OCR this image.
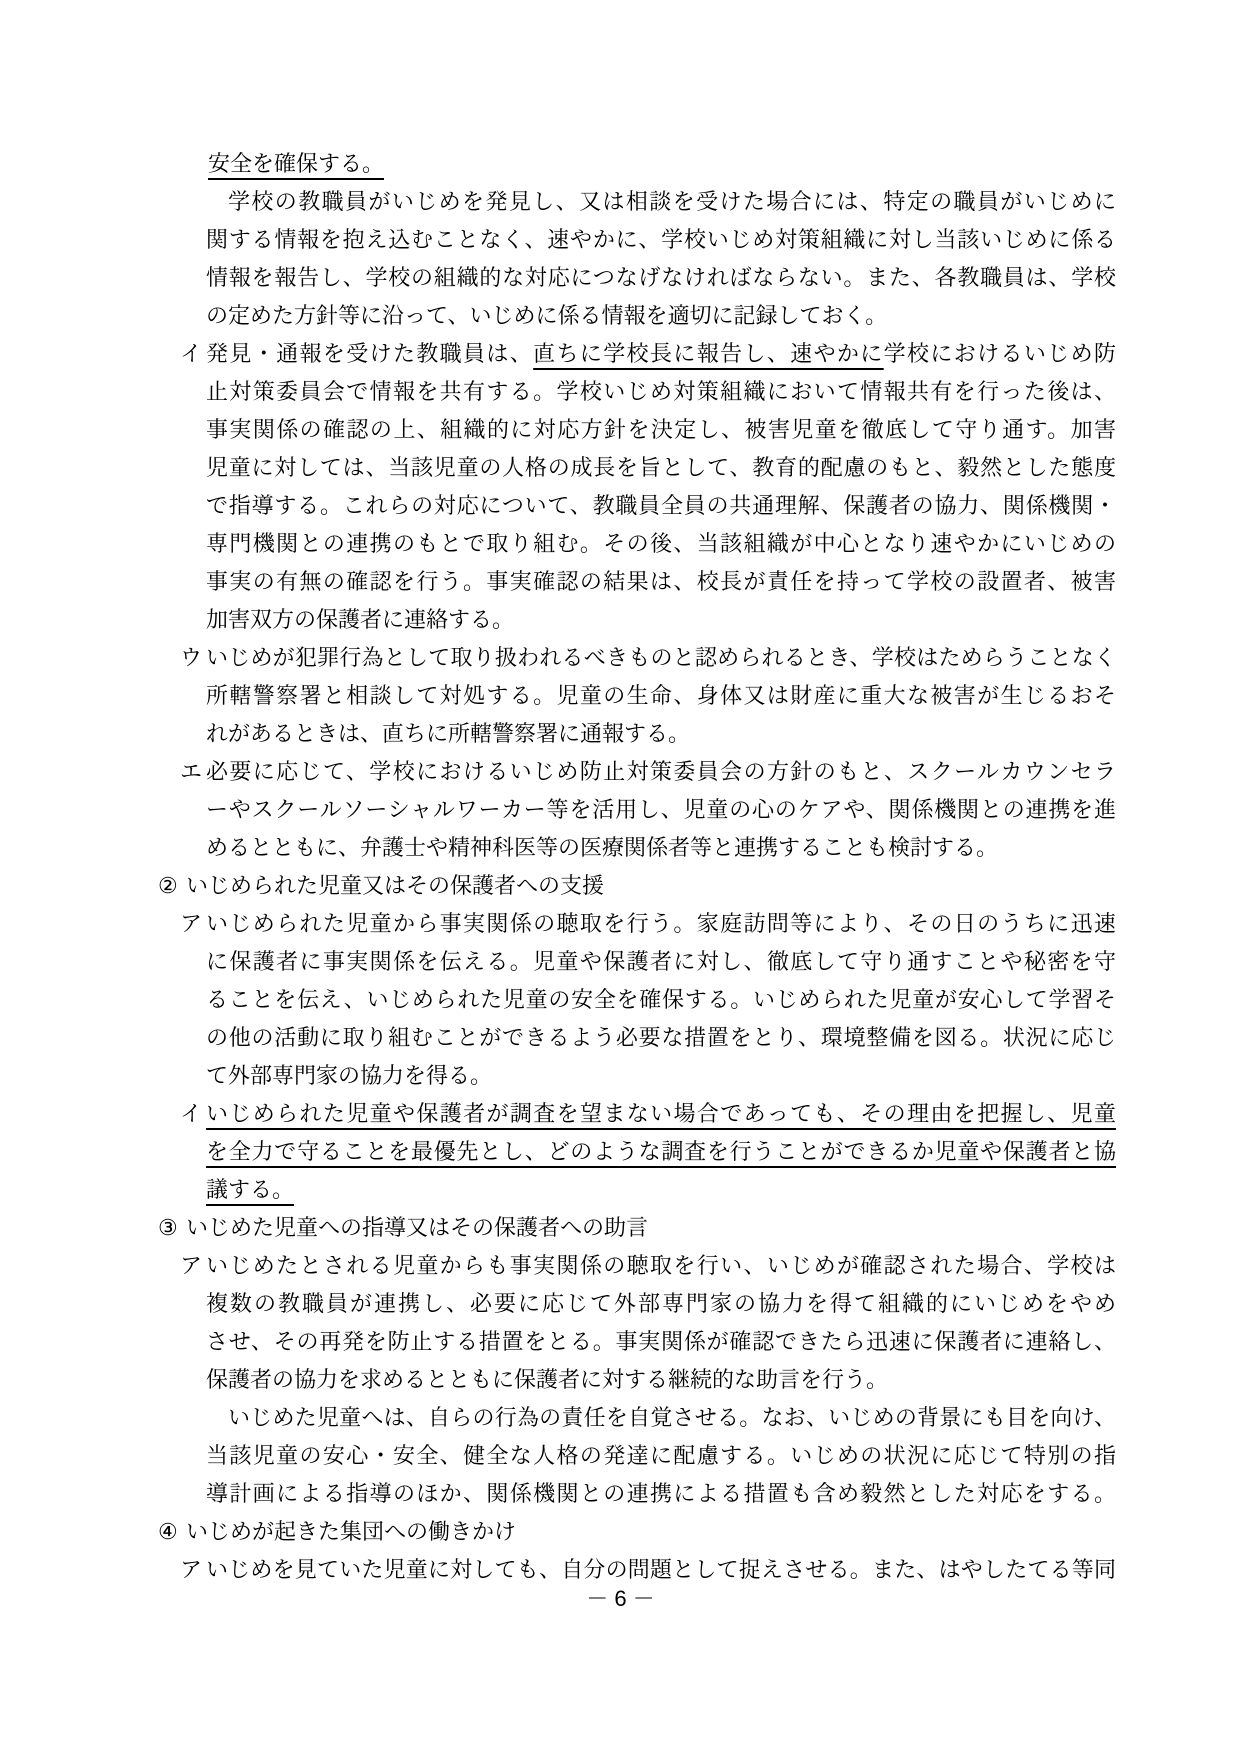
安全を確保する。
学校の教職員がいじめを発見し、又は相談を受けた場合には、特定の職員がいじめに
関する情報を抱え込むことなく、速やかに、学校いじめ対策組織に対し当該いじめに係る
情報を報告し、学校の組織的な対応につなげなければならない。また、各教職員は、学校
の定めた方針等に沿って、いじめに係る情報を適切に記録しておく。
イ 発見・通報を受けた教職員は、直ちに学校長に報告し、速やかに学校におけるいじめ防
止対策委員会で情報を共有する。学校いじめ対策組織において情報共有を行った後は、
事実関係の確認の上、組織的に対応方針を決定し、被害児童を徹底して守り通す。加害
児童に対しては、当該児童の人格の成長を旨として、教育的配慮のもと、毅然とした態度
で指導する。これらの対応について、教職員全員の共通理解、保護者の協力、関係機関・
専門機関との連携のもとで取り組む。その後、当該組織が中心となり速やかにいじめの
事実の有無の確認を行う。事実確認の結果は、校長が責任を持って学校の設置者、被害
加害双方の保護者に連絡する。
ウ いじめが犯罪行為として取り扱われるべきものと認められるとき、学校はためらうことなく
所轄警察署と相談して対処する。児童の生命、身体又は財産に重大な被害が生じるおそ
れがあるときは、直ちに所轄警察署に通報する。
エ 必要に応じて、学校におけるいじめ防止対策委員会の方針のもと、スクールカウンセラ
ーやスクールソーシャルワーカー等を活用し、児童の心のケアや、関係機関との連携を進
めるとともに、弁護士や精神科医等の医療関係者等と連携することも検討する。
② いじめられた児童又はその保護者への支援
ア いじめられた児童から事実関係の聴取を行う。家庭訪問等により、その日のうちに迅速
に保護者に事実関係を伝える。児童や保護者に対し、徹底して守り通すことや秘密を守
ることを伝え、いじめられた児童の安全を確保する。いじめられた児童が安心して学習そ
の他の活動に取り組むことができるよう必要な措置をとり、環境整備を図る。状況に応じ
て外部専門家の協力を得る。
イ いじめられた児童や保護者が調査を望まない場合であっても、その理由を把握し、児童
を全力で守ることを最優先とし、どのような調査を行うことができるか児童や保護者と協
議する。
③ いじめた児童への指導又はその保護者への助言
ア いじめたとされる児童からも事実関係の聴取を行い、いじめが確認された場合、学校は
複数の教職員が連携し、必要に応じて外部専門家の協力を得て組織的にいじめをやめ
させ、その再発を防止する措置をとる。事実関係が確認できたら迅速に保護者に連絡し、
保護者の協力を求めるとともに保護者に対する継続的な助言を行う。
いじめた児童へは、自らの行為の責任を自覚させる。なお、いじめの背景にも目を向け、
当該児童の安心・安全、健全な人格の発達に配慮する。いじめの状況に応じて特別の指
導計画による指導のほか、関係機関との連携による措置も含め毅然とした対応をする。
④ いじめが起きた集団への働きかけ
ア いじめを見ていた児童に対しても、自分の問題として捉えさせる。また、はやしたてる等同
－ 6 －
